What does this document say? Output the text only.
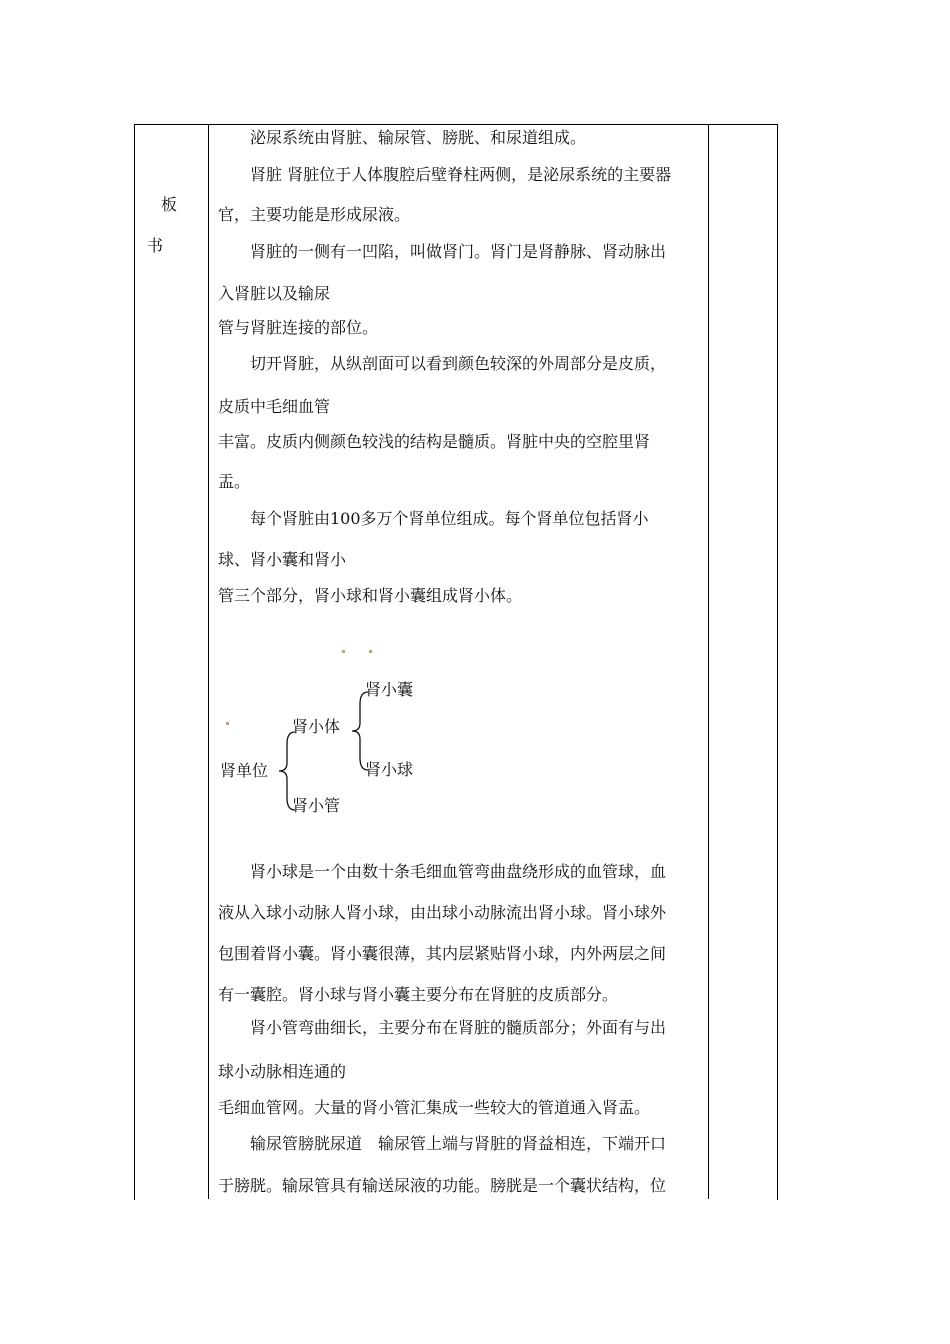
板
书
泌尿系统由肾脏、输尿管、膀胱、和尿道组成。
肾脏 肾脏位于人体腹腔后壁脊柱两侧，是泌尿系统的主要器
官，主要功能是形成尿液。
肾脏的一侧有一凹陷，叫做肾门。肾门是肾静脉、肾动脉出
入肾脏以及输尿
管与肾脏连接的部位。
切开肾脏，从纵剖面可以看到颜色较深的外周部分是皮质，
皮质中毛细血管
丰富。皮质内侧颜色较浅的结构是髓质。肾脏中央的空腔里肾
盂。
每个肾脏由100多万个肾单位组成。每个肾单位包括肾小
球、肾小囊和肾小
管三个部分，肾小球和肾小囊组成肾小体。
肾单位
肾小体
肾小管
肾小囊
肾小球
肾小球是一个由数十条毛细血管弯曲盘绕形成的血管球，血
液从入球小动脉人肾小球，由出球小动脉流出肾小球。肾小球外
包围着肾小囊。肾小囊很薄，其内层紧贴肾小球，内外两层之间
有一囊腔。肾小球与肾小囊主要分布在肾脏的皮质部分。
肾小管弯曲细长，主要分布在肾脏的髓质部分；外面有与出
球小动脉相连通的
毛细血管网。大量的肾小管汇集成一些较大的管道通入肾盂。
输尿管膀胱尿道　输尿管上端与肾脏的肾益相连，下端开口
于膀胱。输尿管具有输送尿液的功能。膀胱是一个囊状结构，位
